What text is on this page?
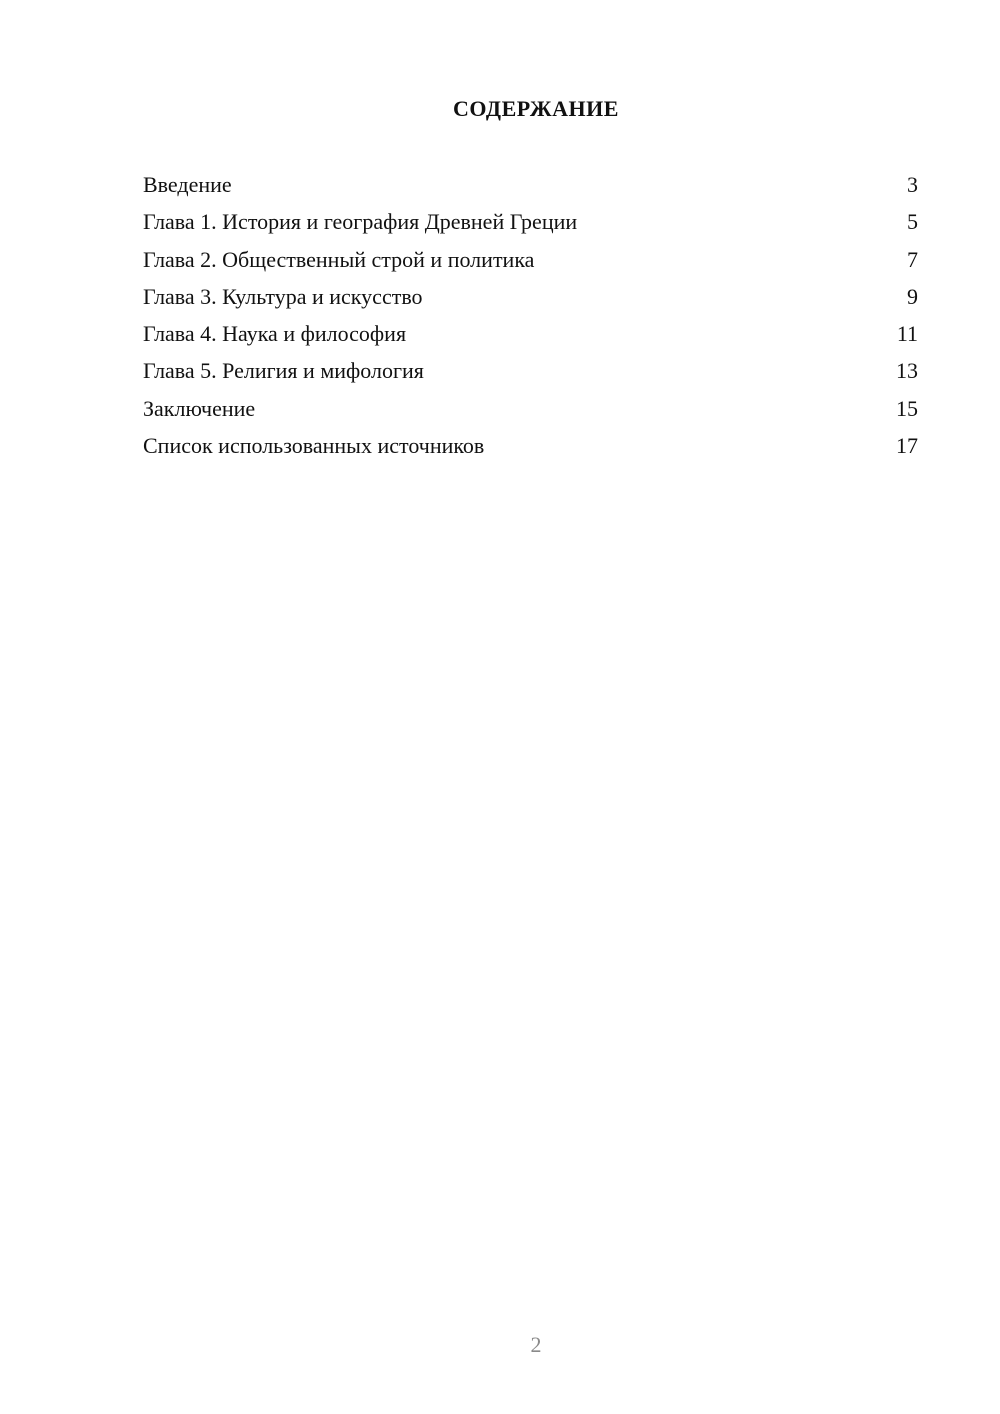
СОДЕРЖАНИЕ
Введение	3
Глава 1. История и география Древней Греции	5
Глава 2. Общественный строй и политика	7
Глава 3. Культура и искусство	9
Глава 4. Наука и философия	11
Глава 5. Религия и мифология	13
Заключение	15
Список использованных источников	17
2
